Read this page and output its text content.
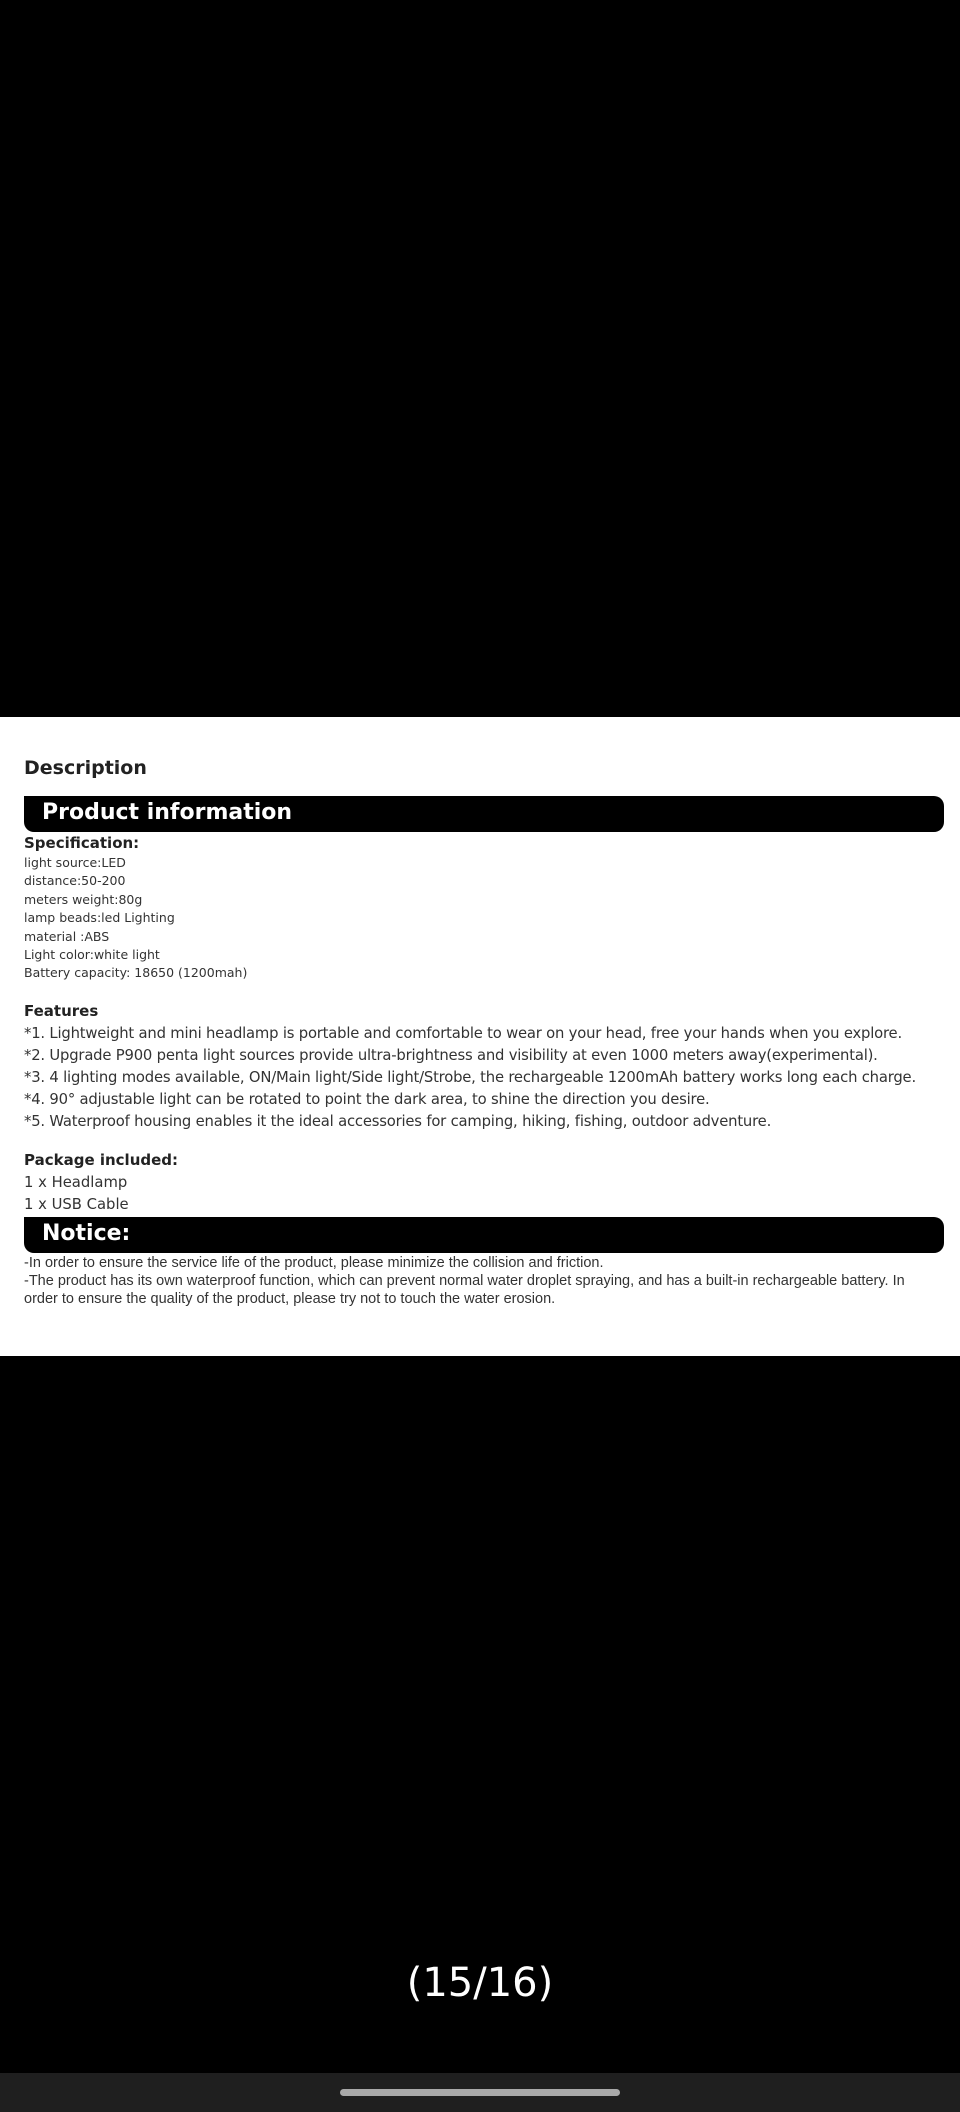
Description
Product information
Specification:
light source:LED
distance:50-200
meters weight:80g
lamp beads:led Lighting
material :ABS
Light color:white light
Battery capacity: 18650 (1200mah)
Features
*1. Lightweight and mini headlamp is portable and comfortable to wear on your head, free your hands when you explore.
*2. Upgrade P900 penta light sources provide ultra-brightness and visibility at even 1000 meters away(experimental).
*3. 4 lighting modes available, ON/Main light/Side light/Strobe, the rechargeable 1200mAh battery works long each charge.
*4. 90° adjustable light can be rotated to point the dark area, to shine the direction you desire.
*5. Waterproof housing enables it the ideal accessories for camping, hiking, fishing, outdoor adventure.
Package included:
1 x Headlamp
1 x USB Cable
Notice:

-In order to ensure the service life of the product, please minimize the collision and friction.

-The product has its own waterproof function, which can prevent normal water droplet spraying, and has a built-in rechargeable battery. In order to ensure the quality of the product, please try not to touch the water erosion.

(15/16)
